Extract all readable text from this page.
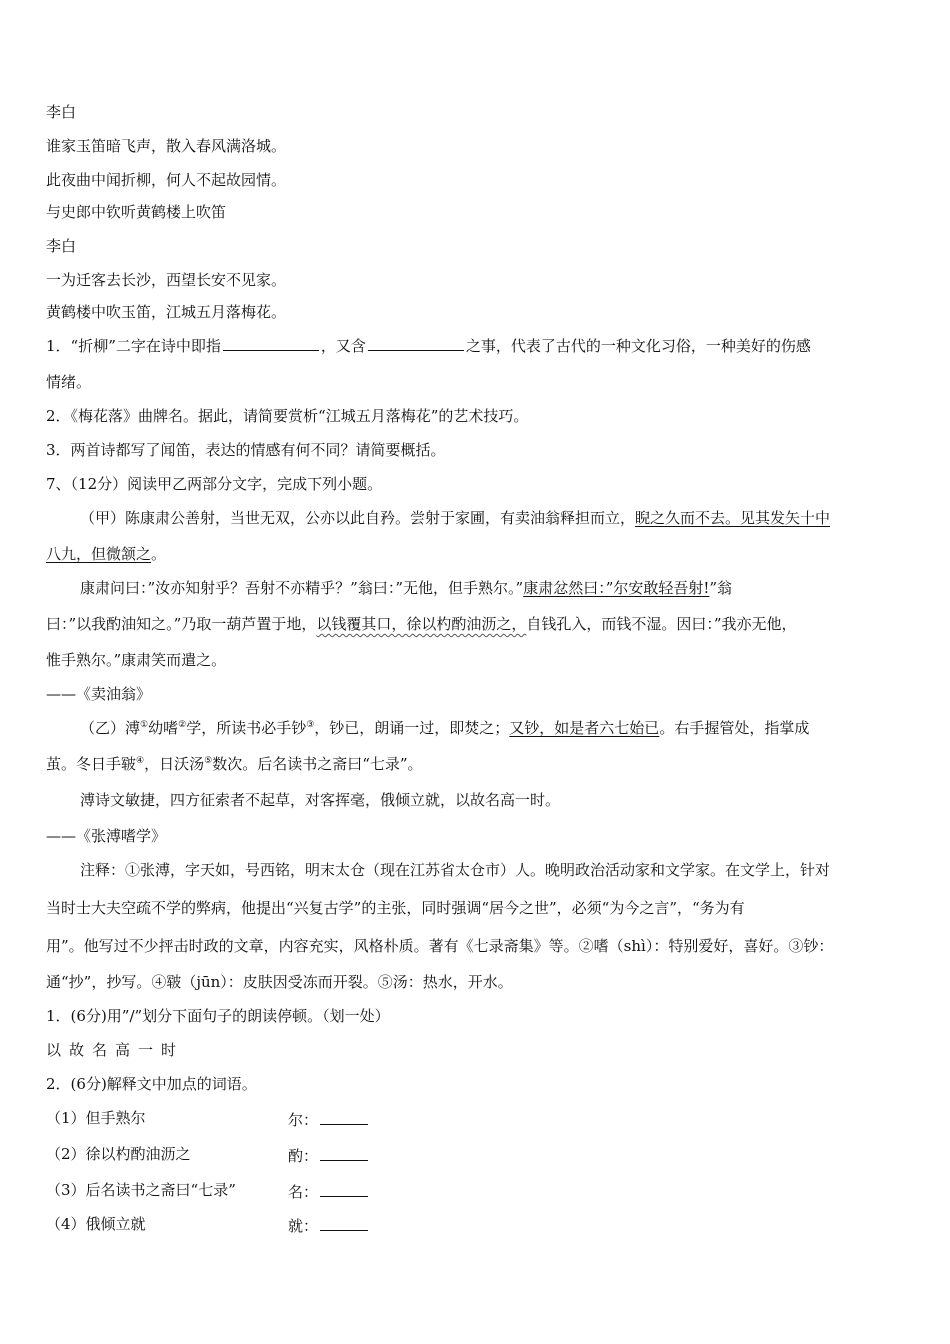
李白
谁家玉笛暗飞声，散入春风满洛城。
此夜曲中闻折柳，何人不起故园情。
与史郎中钦听黄鹤楼上吹笛
李白
一为迁客去长沙，西望长安不见家。
黄鹤楼中吹玉笛，江城五月落梅花。
1．“折柳”二字在诗中即指	，又含	之事，代表了古代的一种文化习俗，一种美好的伤感
情绪。
2．《梅花落》曲牌名。据此，请简要赏析“江城五月落梅花”的艺术技巧。
3．两首诗都写了闻笛，表达的情感有何不同？请简要概括。
7、（12分）阅读甲乙两部分文字，完成下列小题。
（甲）陈康肃公善射，当世无双，公亦以此自矜。尝射于家圃，有卖油翁释担而立，睨之久而不去。见其发矢十中
八九，但微颔之。
康肃问曰：”汝亦知射乎？吾射不亦精乎？”翁曰：”无他，但手熟尔。”康肃忿然曰：”尔安敢轻吾射!”翁
曰：”以我酌油知之。”乃取一葫芦置于地，以钱覆其口，徐以杓酌油沥之，自钱孔入，而钱不湿。因曰：”我亦无他，
惟手熟尔。”康肃笑而遣之。
——《卖油翁》
（乙）溥①幼嗜②学，所读书必手钞③，钞已，朗诵一过，即焚之；又钞，如是者六七始已。右手握管处，指掌成
茧。冬日手皲④，日沃汤⑤数次。后名读书之斋曰“七录”。
溥诗文敏捷，四方征索者不起草，对客挥毫，俄倾立就，以故名高一时。
——《张溥嗜学》
注释：①张溥，字天如，号西铭，明末太仓（现在江苏省太仓市）人。晚明政治活动家和文学家。在文学上，针对
当时士大夫空疏不学的弊病，他提出“兴复古学”的主张，同时强调“居今之世”，必须“为今之言”，“务为有
用”。他写过不少抨击时政的文章，内容充实，风格朴质。著有《七录斋集》等。②嗜（shì）：特别爱好，喜好。③钞：
通“抄”，抄写。④皲（jūn）：皮肤因受冻而开裂。⑤汤：热水，开水。
1．(6分)用”/”划分下面句子的朗读停顿。（划一处）
以故名高一时
2．(6分)解释文中加点的词语。
（1）但手熟尔	尔：
（2）徐以杓酌油沥之	酌：
（3）后名读书之斋曰“七录”	名：
（4）俄倾立就	就：
